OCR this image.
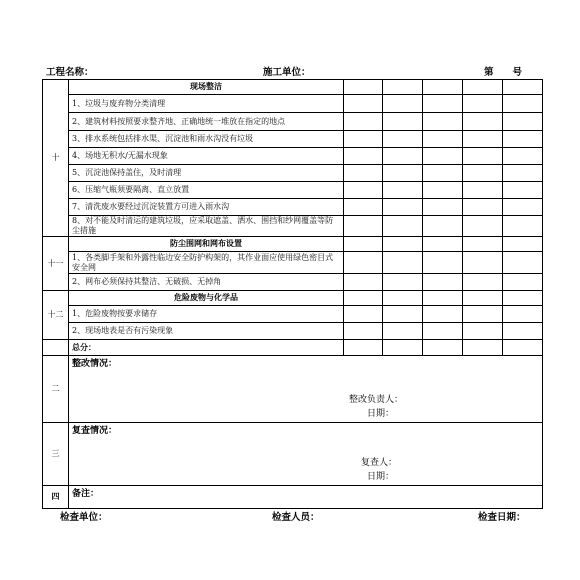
工程名称：	施工单位：	第　　号
十	现场整洁					
	1、垃圾与废弃物分类清理					
	2、建筑材料按照要求整齐地、正确地统一堆放在指定的地点					
	3、排水系统包括排水渠、沉淀池和雨水沟没有垃圾					
	4、场地无积水/无漏水现象					
	5、沉淀池保持盖住，及时清理					
	6、压缩气瓶须要隔离、直立放置					
	7、清洗废水要经过沉淀装置方可进入雨水沟					
	8、对不能及时清运的建筑垃圾，应采取遮盖、洒水、围挡和纱网覆盖等防尘措施					
十一	防尘围网和网布设置					
	1、各类脚手架和外露性临边安全防护构架的，其作业面应使用绿色密目式安全网					
	2、网布必须保持其整洁、无破损、无掉角					
十二	危险废物与化学品					
	1、危险废物按要求储存					
	2、现场地表是否有污染现象					
	总分：					
二	整改情况：
整改负责人：
日期：					

三	复查情况：
复查人：
日期：					

四	备注：					
检查单位：	检查人员：	检查日期：
